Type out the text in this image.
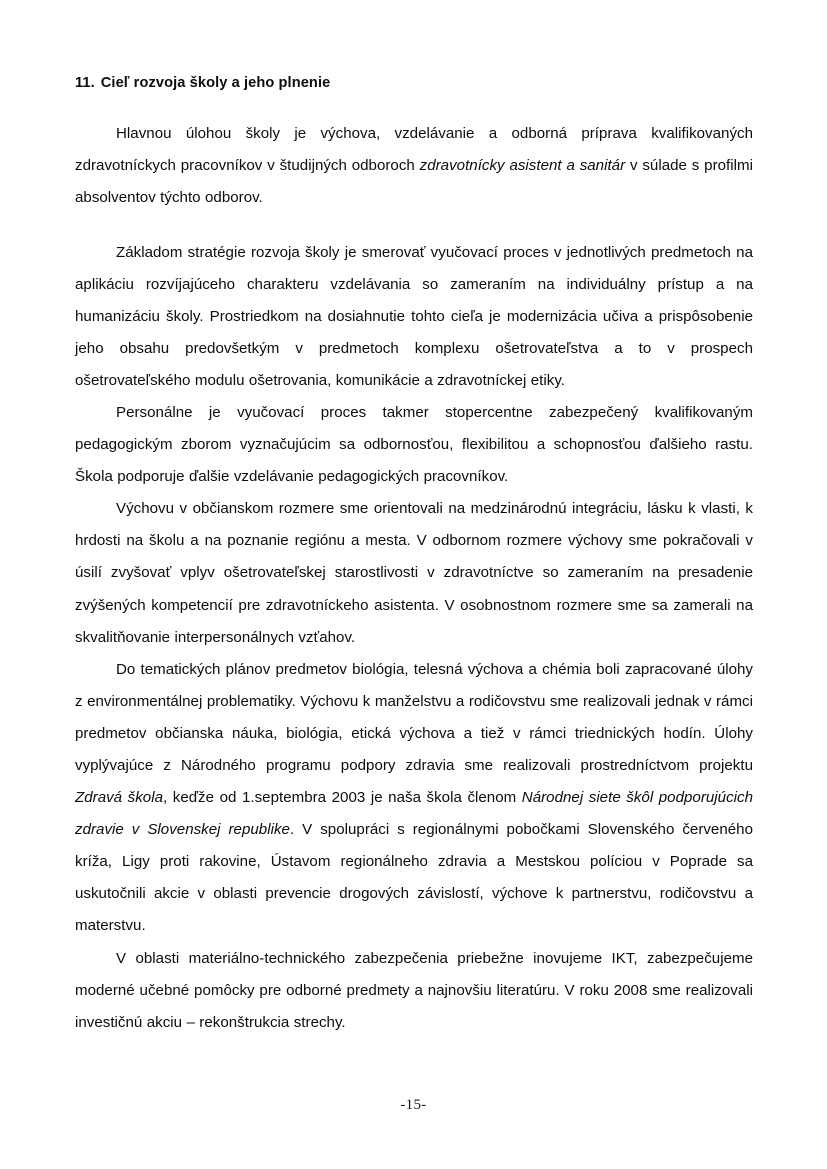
11. Cieľ rozvoja školy a jeho plnenie

Hlavnou úlohou školy je výchova, vzdelávanie a odborná príprava kvalifikovaných zdravotníckych pracovníkov v študijných odboroch zdravotnícky asistent a sanitár v súlade s profilmi absolventov týchto odborov.

Základom stratégie rozvoja školy je smerovať vyučovací proces v jednotlivých predmetoch na aplikáciu rozvíjajúceho charakteru vzdelávania so zameraním na individuálny prístup a na humanizáciu školy. Prostriedkom na dosiahnutie tohto cieľa je modernizácia učiva a prispôsobenie jeho obsahu predovšetkým v predmetoch komplexu ošetrovateľstva a to v prospech ošetrovateľského modulu ošetrovania, komunikácie a zdravotníckej etiky.

Personálne je vyučovací proces takmer stopercentne zabezpečený kvalifikovaným pedagogickým zborom vyznačujúcim sa odbornosťou, flexibilitou a schopnosťou ďalšieho rastu. Škola podporuje ďalšie vzdelávanie pedagogických pracovníkov.

Výchovu v občianskom rozmere sme orientovali na medzinárodnú integráciu, lásku k vlasti, k hrdosti na školu a na poznanie regiónu a mesta. V odbornom rozmere výchovy sme pokračovali v úsilí zvyšovať vplyv ošetrovateľskej starostlivosti v zdravotníctve so zameraním na presadenie zvýšených kompetencií pre zdravotníckeho asistenta. V osobnostnom rozmere sme sa zamerali na skvalitňovanie interpersonálnych vzťahov.

Do tematických plánov predmetov biológia, telesná výchova a chémia boli zapracované úlohy z environmentálnej problematiky. Výchovu k manželstvu a rodičovstvu sme realizovali jednak v rámci predmetov občianska náuka, biológia, etická výchova a tiež v rámci triednických hodín. Úlohy vyplývajúce z Národného programu podpory zdravia sme realizovali prostredníctvom projektu Zdravá škola, keďže od 1.septembra 2003 je naša škola členom Národnej siete škôl podporujúcich zdravie v Slovenskej republike. V spolupráci s regionálnymi pobočkami Slovenského červeného kríža, Ligy proti rakovine, Ústavom regionálneho zdravia a Mestskou políciou v Poprade sa uskutočnili akcie v oblasti prevencie drogových závislostí, výchove k partnerstvu, rodičovstvu a materstvu.

V oblasti materiálno-technického zabezpečenia priebežne inovujeme IKT, zabezpečujeme moderné učebné pomôcky pre odborné predmety a najnovšiu literatúru. V roku 2008 sme realizovali investičnú akciu – rekonštrukcia strechy.

-15-
